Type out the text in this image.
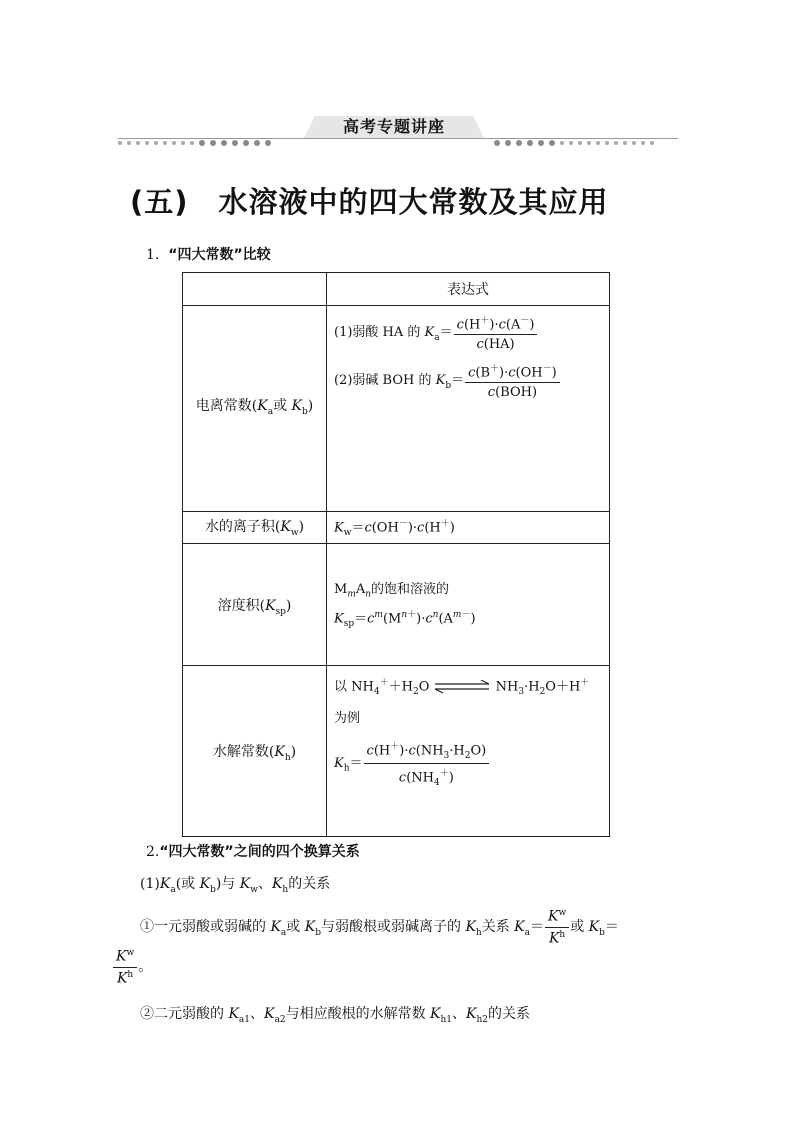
高考专题讲座
(五)　水溶液中的四大常数及其应用
1. “四大常数”比较
表达式
电离常数($K_a$或 $K_b$)
(1)弱酸 HA 的 $K_a= \frac{c(H^+)\cdot c(A^-)}{c(HA)}$
(2)弱碱 BOH 的 $K_b= \frac{c(B^+)\cdot c(OH^-)}{\text{c(BOH)}}$
水的离子积$(K_w)$	$K_w=c(OH^-)\cdot c(H^+)$
溶度积$(K_{sp})$
$M_mA_n$的饱和溶液的
$K_{sp}=c^m(M^{n+})\cdot c^n(A^{m-})$
水解常数$(K_h)$
以 $NH_4^++H_2O$	$NH_3\cdot H_2O+H^+$
为例
$K_h= \frac{c(H^+)\cdot c(NH_3\cdot H_2O)}{c(NH_4^+)}$
2.“四大常数”之间的四个换算关系
$(1)K_a$(或 $K_b$)与 $K_w$、$K_h$的关系
①一元弱酸或弱碱的 $K_a$或 $K_b$与弱酸根或弱碱离子的 $K_h$关系 $K_a= \frac{K^w}{K^h}$ 或 $K_b=$
$\frac{K^w}{K^h}$ 。
②二元弱酸的 $K_{a1}$、$K_{a2}$与相应酸根的水解常数 $K_{h1}$、$K_{h2}$的关系
